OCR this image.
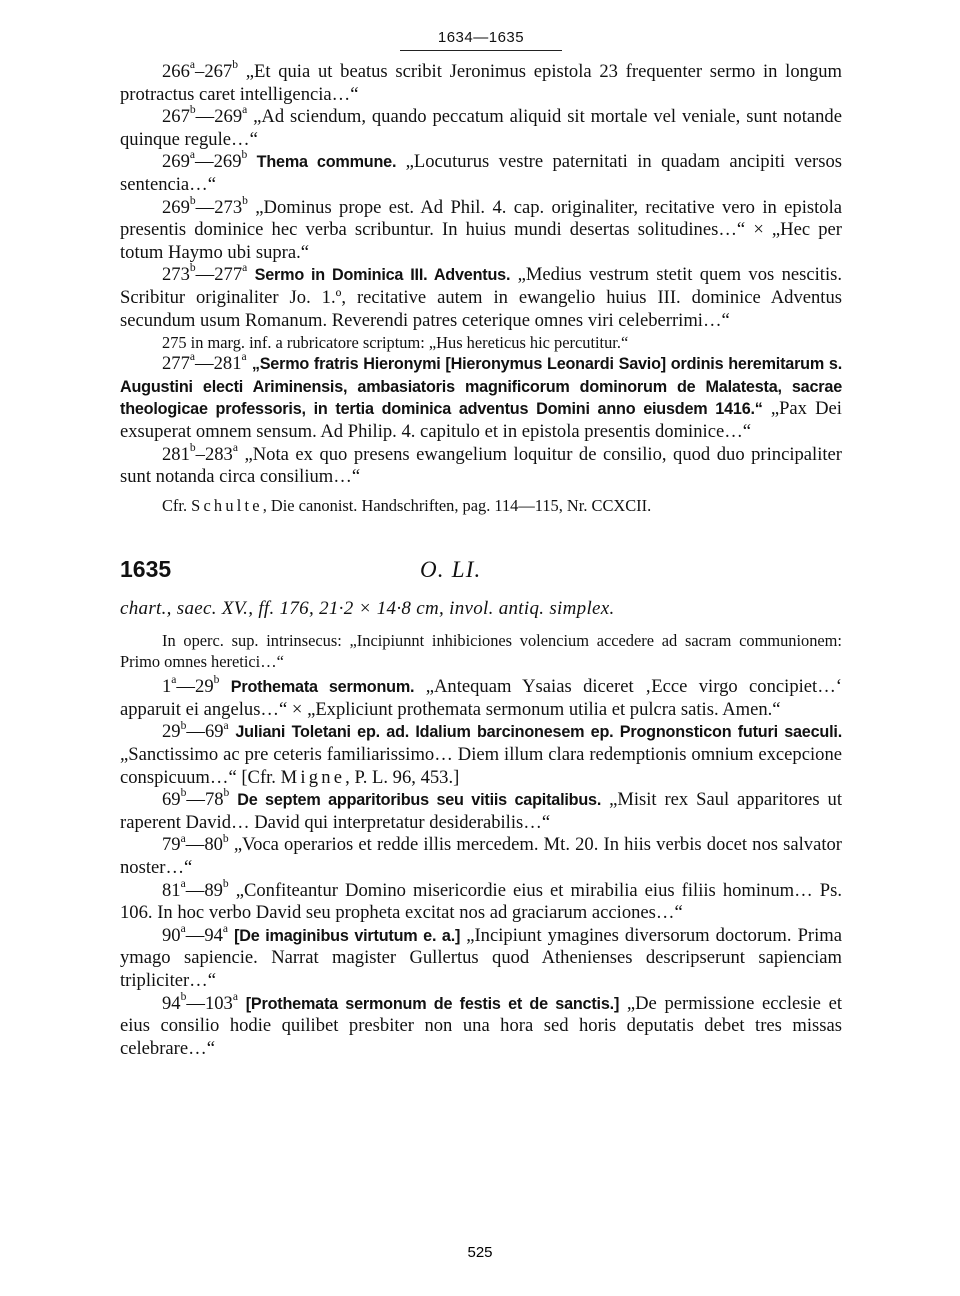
1634—1635

266$^a$–267$^b$ „Et quia ut beatus scribit Jeronimus epistola 23 frequenter sermo in longum protractus caret intelligencia…“

267$^b$—269$^a$ „Ad sciendum, quando peccatum aliquid sit mortale vel veniale, sunt notande quinque regule…“

269$^a$—269$^b$ Thema commune. „Locuturus vestre paternitati in quadam ancipiti versos sentencia…“

269$^b$—273$^b$ „Dominus prope est. Ad Phil. 4. cap. originaliter, recitative vero in epistola presentis dominice hec verba scribuntur. In huius mundi desertas solitudines…“ × „Hec per totum Haymo ubi supra.“

273$^b$—277$^a$ Sermo in Dominica III. Adventus. „Medius vestrum stetit quem vos nescitis. Scribitur originaliter Jo. 1.º, recitative autem in ewangelio huius III. dominice Adventus secundum usum Romanum. Reverendi patres ceterique omnes viri celeberrimi…“

275 in marg. inf. a rubricatore scriptum: „Hus hereticus hic percutitur.“

277$^a$—281$^a$ „Sermo fratris Hieronymi [Hieronymus Leonardi Savio] ordinis heremitarum s. Augustini electi Ariminensis, ambasiatoris magnificorum dominorum de Malatesta, sacrae theologicae professoris, in tertia dominica adventus Domini anno eiusdem 1416.“ „Pax Dei exsuperat omnem sensum. Ad Philip. 4. capitulo et in epistola presentis dominice…“

281$^b$–283$^a$ „Nota ex quo presens ewangelium loquitur de consilio, quod duo principaliter sunt notanda circa consilium…“

Cfr. Schulte, Die canonist. Handschriften, pag. 114—115, Nr. CCXCII.

1635	O. LI.

chart., saec. XV., ff. 176, 21·2 × 14·8 cm, invol. antiq. simplex.

In operc. sup. intrinsecus: „Incipiunnt inhibiciones volencium accedere ad sacram communionem: Primo omnes heretici…“

1$^a$—29$^b$ Prothemata sermonum. „Antequam Ysaias diceret ‚Ecce virgo concipiet…‘ apparuit ei angelus…“ × „Expliciunt prothemata sermonum utilia et pulcra satis. Amen.“

29$^b$—69$^a$ Juliani Toletani ep. ad. Idalium barcinonesem ep. Prognonsticon futuri saeculi. „Sanctissimo ac pre ceteris familiarissimo… Diem illum clara redemptionis omnium excepcione conspicuum…“ [Cfr. Migne, P. L. 96, 453.]

69$^b$—78$^b$ De septem apparitoribus seu vitiis capitalibus. „Misit rex Saul apparitores ut raperent David… David qui interpretatur desiderabilis…“

79$^a$—80$^b$ „Voca operarios et redde illis mercedem. Mt. 20. In hiis verbis docet nos salvator noster…“

81$^a$—89$^b$ „Confiteantur Domino misericordie eius et mirabilia eius filiis hominum… Ps. 106. In hoc verbo David seu propheta excitat nos ad graciarum acciones…“

90$^a$—94$^a$ [De imaginibus virtutum e. a.] „Incipiunt ymagines diversorum doctorum. Prima ymago sapiencie. Narrat magister Gullertus quod Athenienses descripserunt sapienciam tripliciter…“

94$^b$—103$^a$ [Prothemata sermonum de festis et de sanctis.] „De permissione ecclesie et eius consilio hodie quilibet presbiter non una hora sed horis deputatis debet tres missas celebrare…“

525
